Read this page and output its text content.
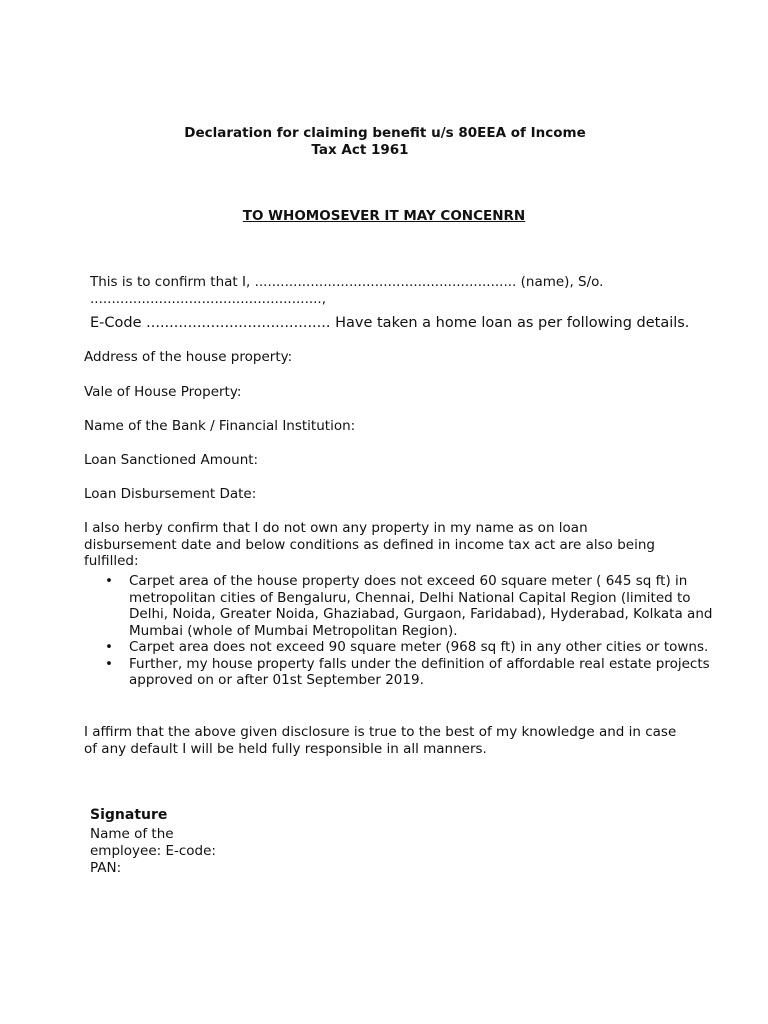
Declaration for claiming benefit u/s 80EEA of Income
Tax Act 1961
TO WHOMOSEVER IT MAY CONCENRN
This is to confirm that I, ............................................................. (name), S/o.
......................................................,
E-Code ........................................ Have taken a home loan as per following details.
Address of the house property:
Vale of House Property:
Name of the Bank / Financial Institution:
Loan Sanctioned Amount:
Loan Disbursement Date:
I also herby confirm that I do not own any property in my name as on loan disbursement date and below conditions as defined in income tax act are also being fulfilled:
• Carpet area of the house property does not exceed 60 square meter ( 645 sq ft) in metropolitan cities of Bengaluru, Chennai, Delhi National Capital Region (limited to Delhi, Noida, Greater Noida, Ghaziabad, Gurgaon, Faridabad), Hyderabad, Kolkata and Mumbai (whole of Mumbai Metropolitan Region).
• Carpet area does not exceed 90 square meter (968 sq ft) in any other cities or towns.
• Further, my house property falls under the definition of affordable real estate projects approved on or after 01st September 2019.
I affirm that the above given disclosure is true to the best of my knowledge and in case of any default I will be held fully responsible in all manners.
Signature
Name of the
employee: E-code:
PAN:
